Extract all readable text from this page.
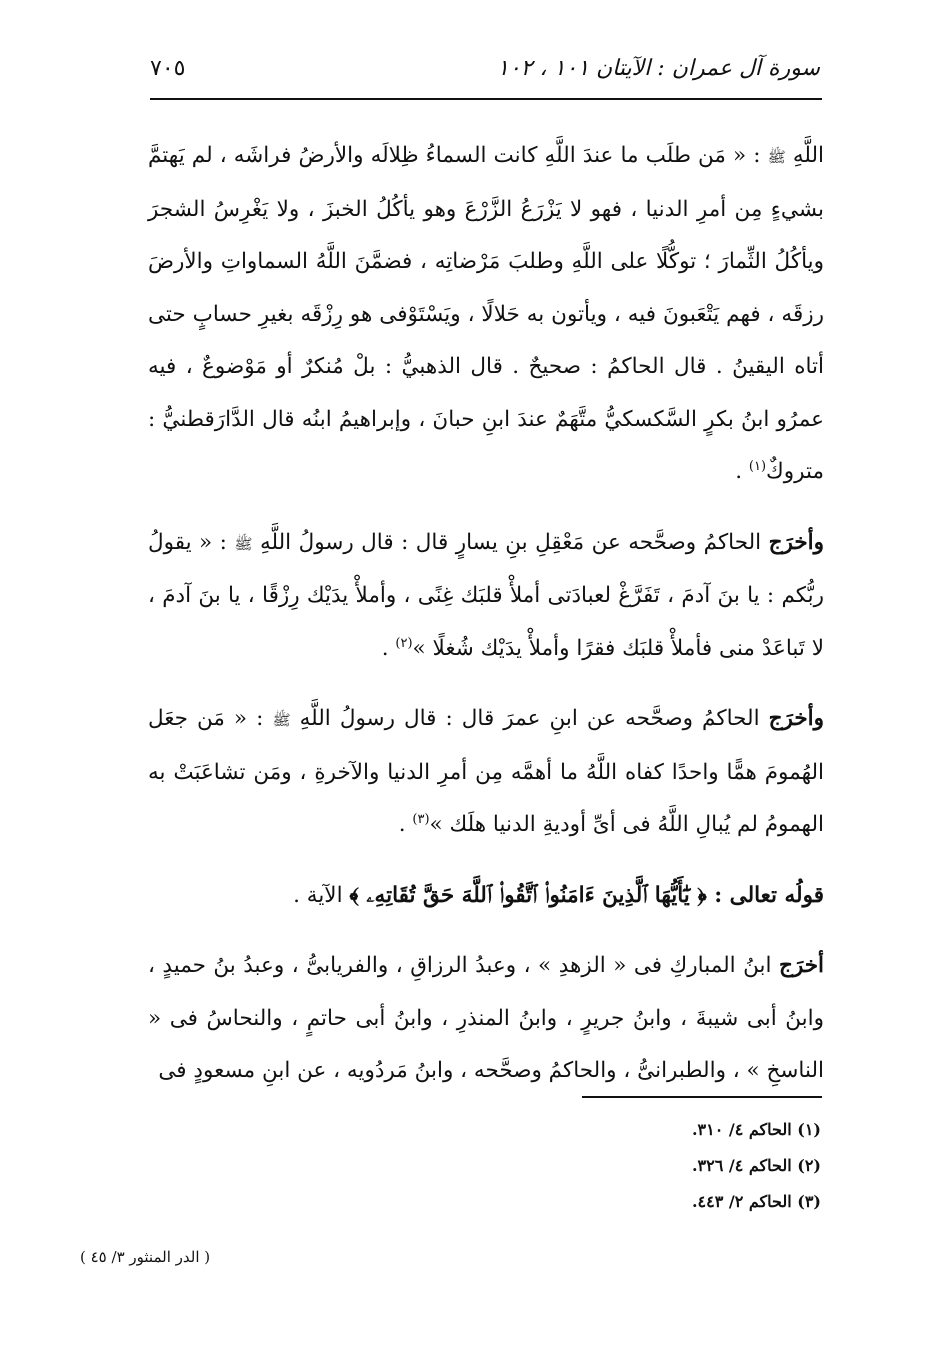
سورة آل عمران : الآيتان ١٠١ ، ١٠٢
٧٠٥

اللَّهِ ﷺ : « مَن طلَب ما عندَ اللَّهِ كانت السماءُ ظِلالَه والأرضُ فراشَه ، لم يَهتمَّ بشيءٍ مِن أمرِ الدنيا ، فهو لا يَزْرَعُ الزَّرْعَ وهو يأكُلُ الخبزَ ، ولا يَغْرِسُ الشجرَ ويأكُلُ الثِّمارَ ؛ توكُّلًا على اللَّهِ وطلبَ مَرْضاتِه ، فضمَّنَ اللَّهُ السماواتِ والأرضَ رزقَه ، فهم يَتْعَبونَ فيه ، ويأتون به حَلالًا ، ويَسْتَوْفى هو رِزْقَه بغيرِ حسابٍ حتى أتاه اليقينُ . قال الحاكمُ : صحيحٌ . قال الذهبيُّ : بلْ مُنكرٌ أو مَوْضوعٌ ، فيه عمرُو ابنُ بكرٍ السَّكسكيُّ متَّهَمٌ عندَ ابنِ حبانَ ، وإبراهيمُ ابنُه قال الدَّارَقطنيُّ : متروكٌ$^{(١)}$ .

وأخرَج الحاكمُ وصحَّحه عن مَعْقِلِ بنِ يسارٍ قال : قال رسولُ اللَّهِ ﷺ : « يقولُ ربُّكم : يا بنَ آدمَ ، تَفَرَّغْ لعبادَتى أملأْ قلبَك غِنًى ، وأملأْ يدَيْك رِزْقًا ، يا بنَ آدمَ ، لا تَباعَدْ منى فأملأْ قلبَك فقرًا وأملأْ يدَيْك شُغلًا »$^{(٢)}$ .

وأخرَج الحاكمُ وصحَّحه عن ابنِ عمرَ قال : قال رسولُ اللَّهِ ﷺ : « مَن جعَل الهُمومَ همًّا واحدًا كفاه اللَّهُ ما أهمَّه مِن أمرِ الدنيا والآخرةِ ، ومَن تشاعَبَتْ به الهمومُ لم يُبالِ اللَّهُ فى أىِّ أوديةِ الدنيا هلَك »$^{(٣)}$ .

قولُه تعالى : ﴿ يَٰٓأَيُّهَا ٱلَّذِينَ ءَامَنُوا۟ ٱتَّقُوا۟ ٱللَّهَ حَقَّ تُقَاتِهِۦ ﴾ الآية .

أخرَج ابنُ المباركِ فى « الزهدِ » ، وعبدُ الرزاقِ ، والفريابىُّ ، وعبدُ بنُ حميدٍ ، وابنُ أبى شيبةَ ، وابنُ جريرٍ ، وابنُ المنذرِ ، وابنُ أبى حاتمٍ ، والنحاسُ فى « الناسخِ » ، والطبرانىُّ ، والحاكمُ وصحَّحه ، وابنُ مَردُويه ، عن ابنِ مسعودٍ فى

(١) الحاكم ٤/ ٣١٠.

(٢) الحاكم ٤/ ٣٢٦.

(٣) الحاكم ٢/ ٤٤٣.

( الدر المنثور ٣/ ٤٥ )
